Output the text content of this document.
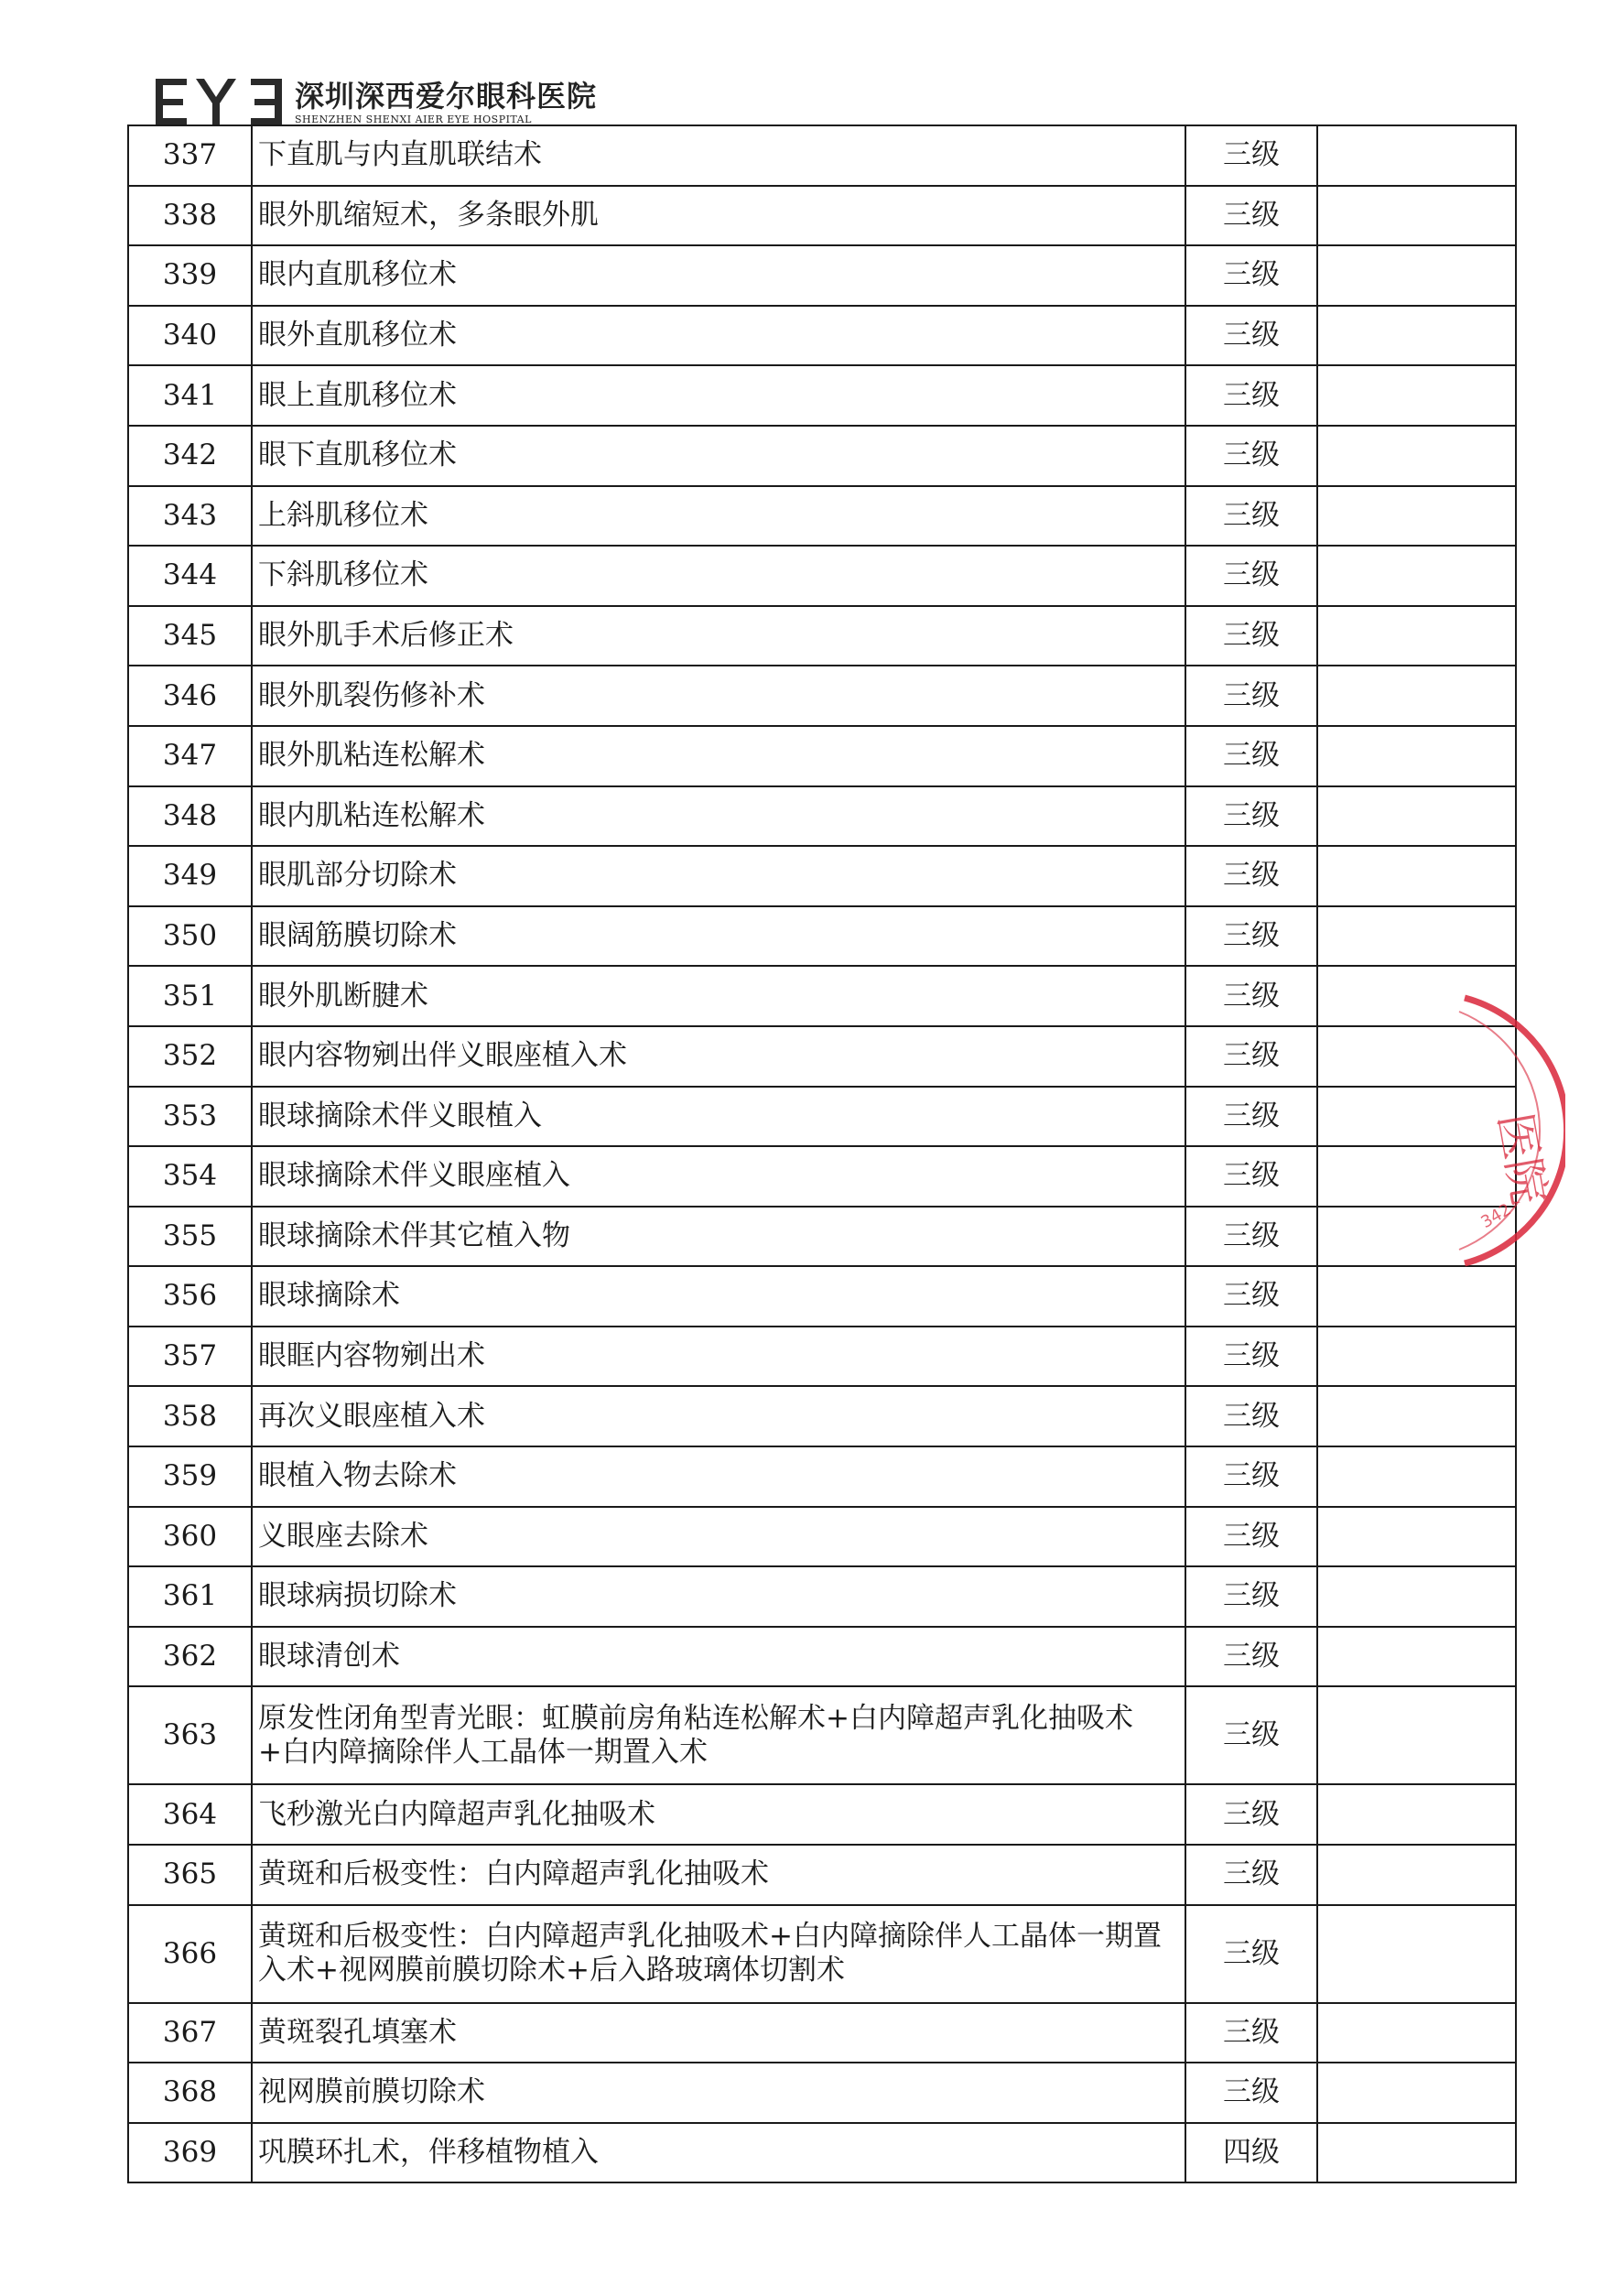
深圳深西爱尔眼科医院
SHENZHEN SHENXI AIER EYE HOSPITAL
337	下直肌与内直肌联结术	三级	
338	眼外肌缩短术，多条眼外肌	三级	
339	眼内直肌移位术	三级	
340	眼外直肌移位术	三级	
341	眼上直肌移位术	三级	
342	眼下直肌移位术	三级	
343	上斜肌移位术	三级	
344	下斜肌移位术	三级	
345	眼外肌手术后修正术	三级	
346	眼外肌裂伤修补术	三级	
347	眼外肌粘连松解术	三级	
348	眼内肌粘连松解术	三级	
349	眼肌部分切除术	三级	
350	眼阔筋膜切除术	三级	
351	眼外肌断腱术	三级	
352	眼内容物剜出伴义眼座植入术	三级	
353	眼球摘除术伴义眼植入	三级	
354	眼球摘除术伴义眼座植入	三级	
355	眼球摘除术伴其它植入物	三级	
356	眼球摘除术	三级	
357	眼眶内容物剜出术	三级	
358	再次义眼座植入术	三级	
359	眼植入物去除术	三级	
360	义眼座去除术	三级	
361	眼球病损切除术	三级	
362	眼球清创术	三级	
363	原发性闭角型青光眼：虹膜前房角粘连松解术+白内障超声乳化抽吸术+白内障摘除伴人工晶体一期置入术	三级	
364	飞秒激光白内障超声乳化抽吸术	三级	
365	黄斑和后极变性：白内障超声乳化抽吸术	三级	
366	黄斑和后极变性：白内障超声乳化抽吸术+白内障摘除伴人工晶体一期置入术+视网膜前膜切除术+后入路玻璃体切割术	三级	
367	黄斑裂孔填塞术	三级	
368	视网膜前膜切除术	三级	
369	巩膜环扎术，伴移植物植入	四级	
医院
342
